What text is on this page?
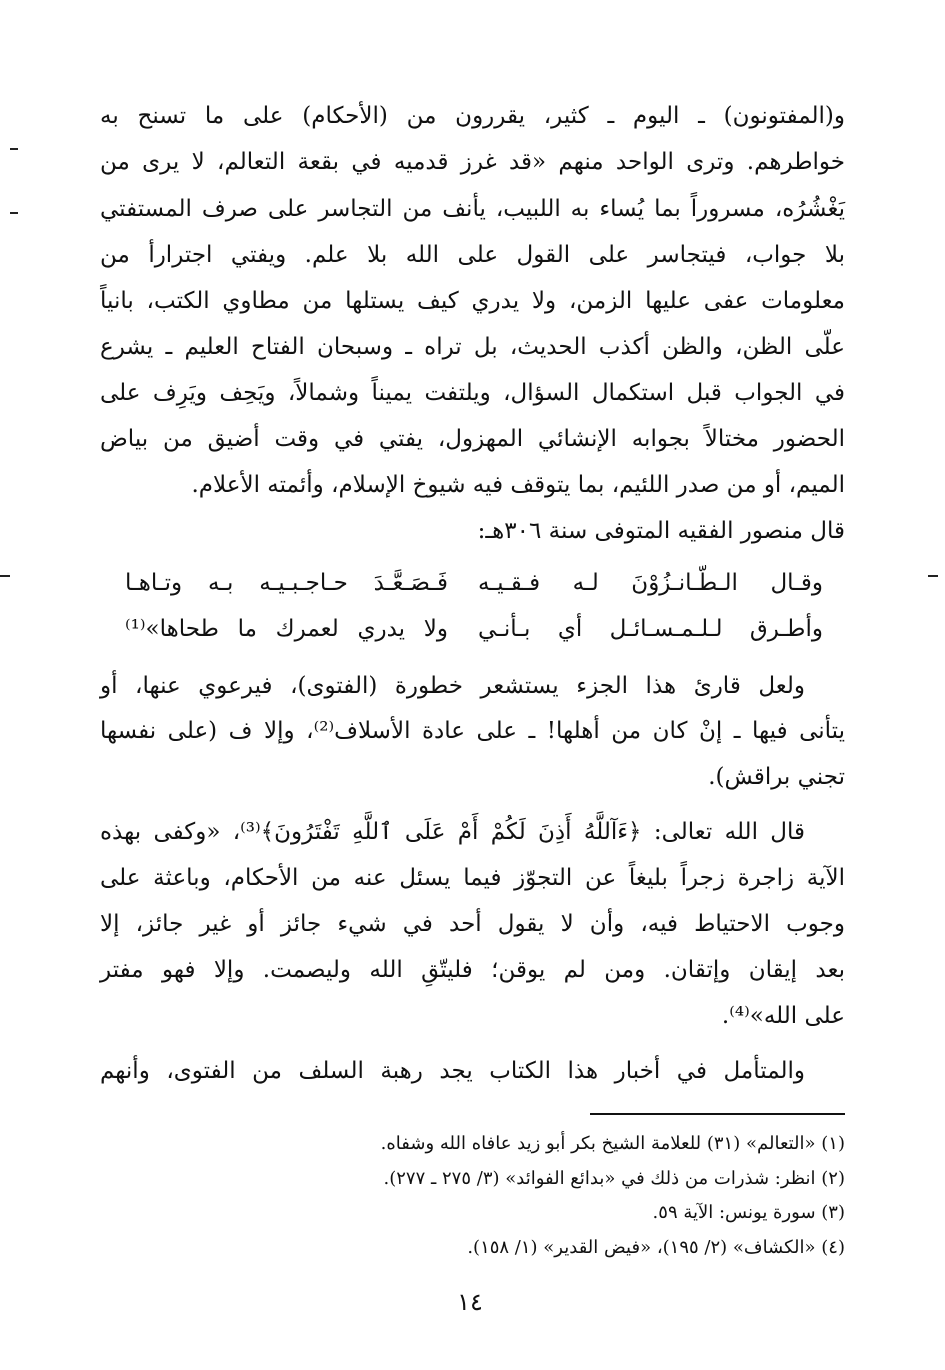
و(المفتونون) ـ اليوم ـ كثير، يقررون من (الأحكام) على ما تسنح به

خواطرهم. وترى الواحد منهم «قد غرز قدميه في بقعة التعالم، لا يرى من

يَغْشُرُه، مسروراً بما يُساء به اللبيب، يأنف من التجاسر على صرف المستفتي

بلا جواب، فيتجاسر على القول على الله بلا علم. ويفتي اجترارأ من

معلومات عفى عليها الزمن، ولا يدري كيف يستلها من مطاوي الكتب، بانياً

علّى الظن، والظن أكذب الحديث، بل تراه ـ وسبحان الفتاح العليم ـ يشرع

في الجواب قبل استكمال السؤال، ويلتفت يميناً وشمالاً، ويَحِف ويَرِف على

الحضور مختالاً بجوابه الإنشائي المهزول، يفتي في وقت أضيق من بياض

الميم، أو من صدر اللئيم، بما يتوقف فيه شيوخ الإسلام، وأئمته الأعلام.

قال منصور الفقيه المتوفى سنة ٣٠٦هـ:

وقـال الـطّـانـزُوْنَ لـه فـقـيـه
فَـصَـعَّـدَ حـاجـبـيـه بـه وتـاهـا
وأطـرق لـلـمـسـائـل أي بـأنـي
ولا يدري لعمرك ما طحاها»⁽¹⁾

ولعل قارئ هذا الجزء يستشعر خطورة (الفتوى)، فيرعوي عنها، أو

يتأنى فيها ـ إنْ كان من أهلها! ـ على عادة الأسلاف⁽²⁾، وإلا ف (على نفسها

تجني براقش).

قال الله تعالى: ﴿ءَآللَّهُ أَذِنَ لَكُمْ أَمْ عَلَى ٱللَّهِ تَفْتَرُونَ﴾⁽³⁾، «وكفى بهذه

الآية زاجرة زجراً بليغاً عن التجوّز فيما يسئل عنه من الأحكام، وباعثة على

وجوب الاحتياط فيه، وأن لا يقول أحد في شيء جائز أو غير جائز، إلا

بعد إيقان وإتقان. ومن لم يوقن؛ فليتّقِ الله وليصمت. وإلا فهو مفتر

على الله»⁽⁴⁾.

والمتأمل في أخبار هذا الكتاب يجد رهبة السلف من الفتوى، وأنهم

(١) «التعالم» (٣١) للعلامة الشيخ بكر أبو زيد عافاه الله وشفاه.
(٢) انظر: شذرات من ذلك في «بدائع الفوائد» (٣/ ٢٧٥ ـ ٢٧٧).
(٣) سورة يونس: الآية ٥٩.
(٤) «الكشاف» (٢/ ١٩٥)، «فيض القدير» (١/ ١٥٨).
١٤
